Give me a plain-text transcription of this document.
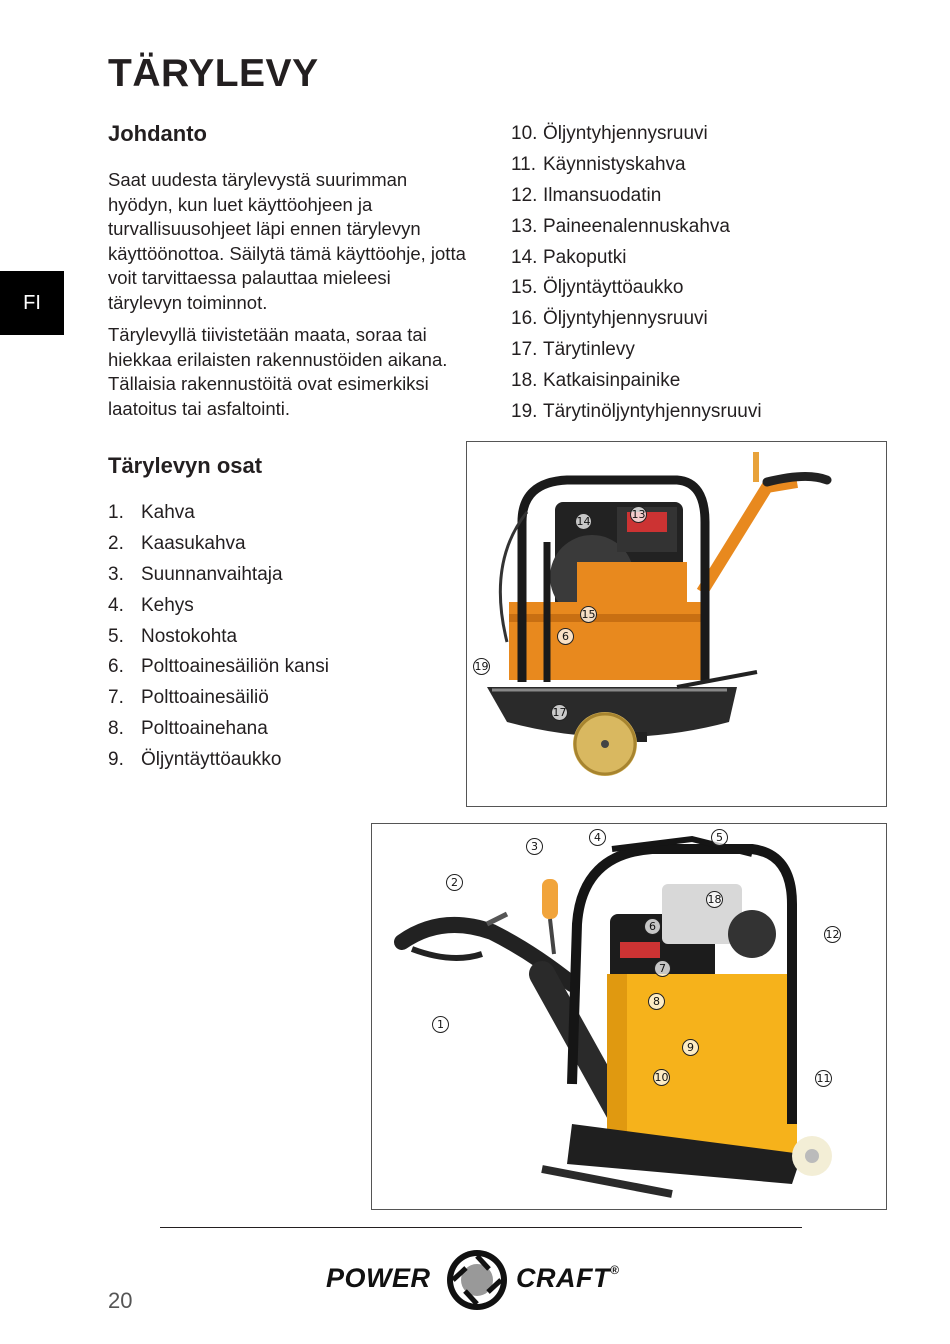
TÄRYLEVY
FI
Johdanto

Saat uudesta tärylevystä suurimman hyödyn, kun luet käyttöohjeen ja turvallisuusohjeet läpi ennen tärylevyn käyttöönottoa. Säilytä tämä käyttöohje, jotta voit tarvittaessa palauttaa mieleesi tärylevyn toiminnot.

Tärylevyllä tiivistetään maata, soraa tai hiekkaa erilaisten rakennustöiden aikana. Tällaisia rakennustöitä ovat esimerkiksi laatoitus tai asfaltointi.

Tärylevyn osat
1. Kahva
2. Kaasukahva
3. Suunnanvaihtaja
4. Kehys
5. Nostokohta
6. Polttoainesäiliön kansi
7. Polttoainesäiliö
8. Polttoainehana
9. Öljyntäyttöaukko
10. Öljyntyhjennysruuvi
11. Käynnistyskahva
12. Ilmansuodatin
13. Paineenalennuskahva
14. Pakoputki
15. Öljyntäyttöaukko
16. Öljyntyhjennysruuvi
17. Tärytinlevy
18. Katkaisinpainike
19. Tärytinöljyntyhjennysruuvi
14
13
15
6
19
17
4	5
3
2
18
6
12
7
8
1
9
10	11
POWER	CRAFT®
20
